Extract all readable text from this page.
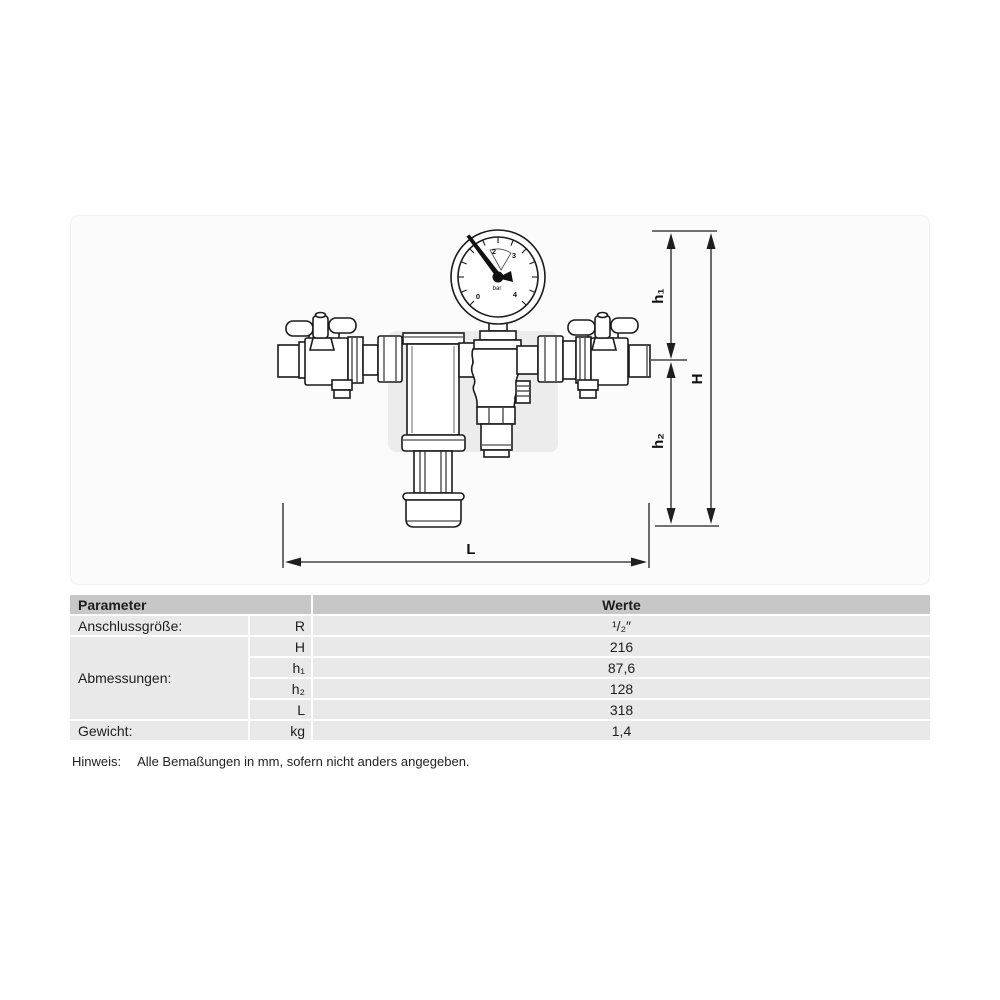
0
2 3
4
bar	h₁
h₂
H
L
Parameter		Werte
Anschlussgröße:	R	¹/₂″
Abmessungen:	H	216
	h₁	87,6
	h₂	128
	L	318
Gewicht:	kg	1,4
Hinweis: Alle Bemaßungen in mm, sofern nicht anders angegeben.
